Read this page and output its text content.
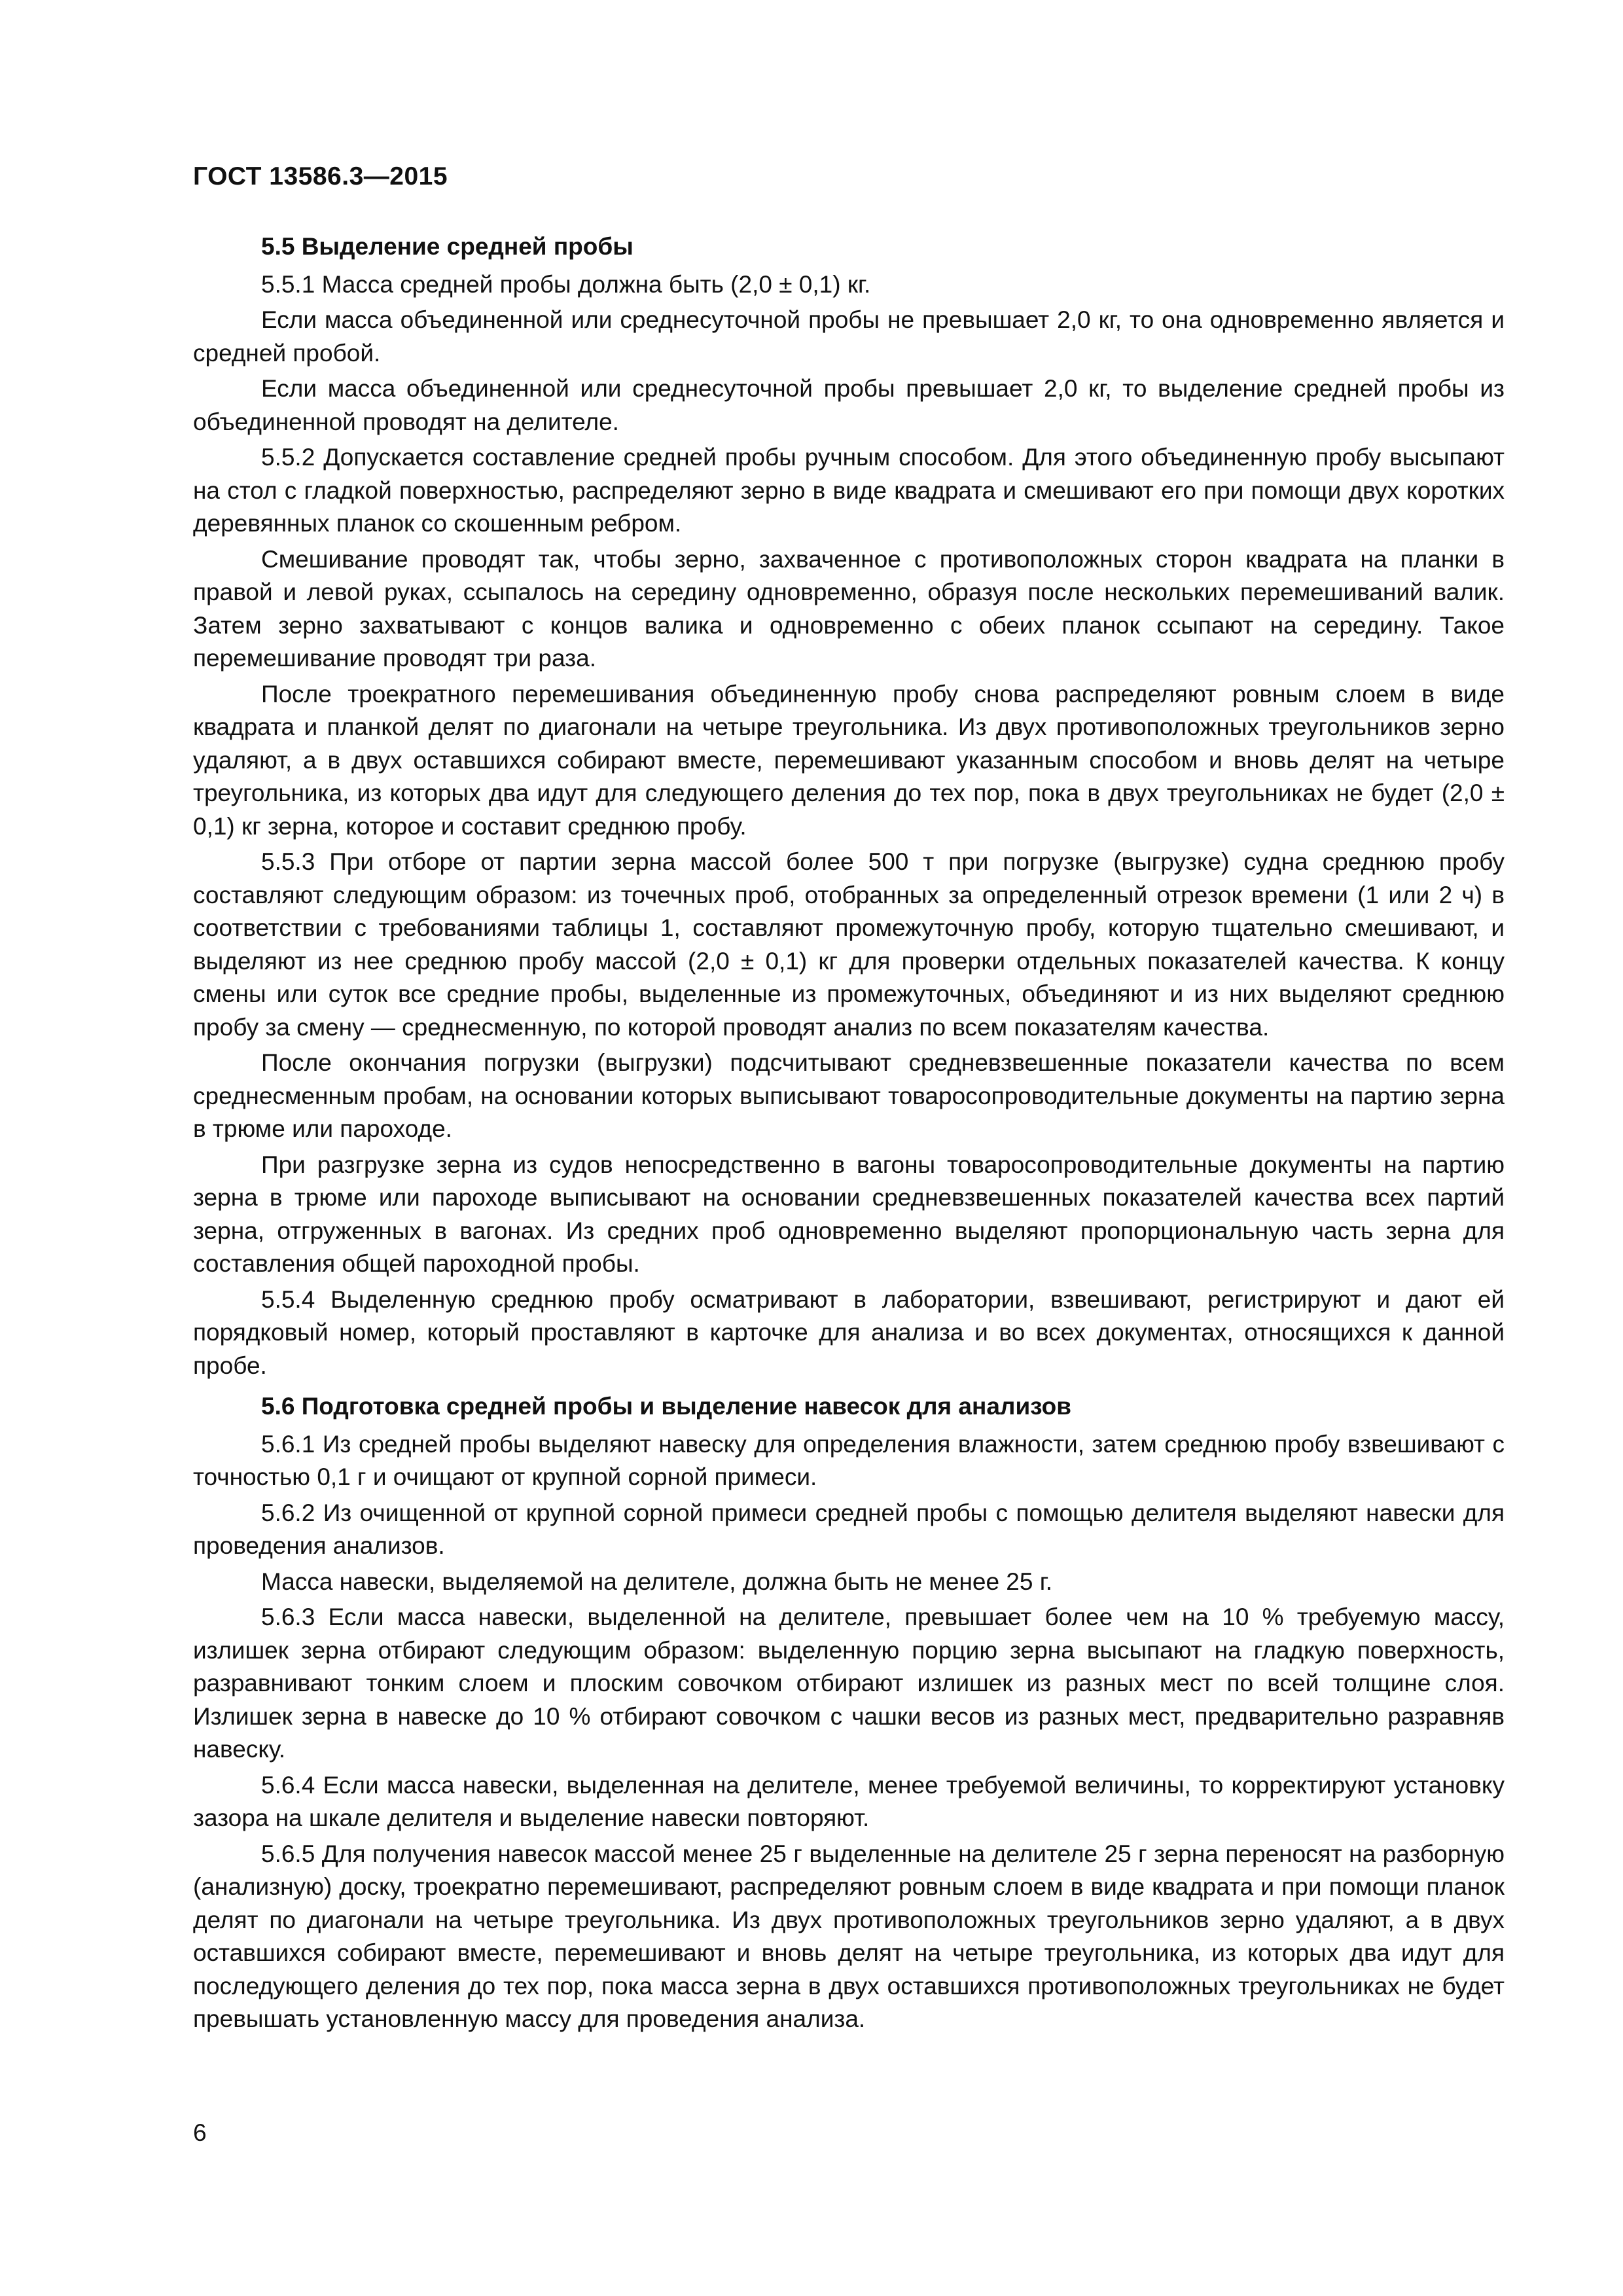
ГОСТ 13586.3—2015
5.5 Выделение средней пробы

5.5.1 Масса средней пробы должна быть (2,0 ± 0,1) кг.

Если масса объединенной или среднесуточной пробы не превышает 2,0 кг, то она одновременно является и средней пробой.

Если масса объединенной или среднесуточной пробы превышает 2,0 кг, то выделение средней пробы из объединенной проводят на делителе.

5.5.2 Допускается составление средней пробы ручным способом. Для этого объединенную пробу высыпают на стол с гладкой поверхностью, распределяют зерно в виде квадрата и смешивают его при помощи двух коротких деревянных планок со скошенным ребром.

Смешивание проводят так, чтобы зерно, захваченное с противоположных сторон квадрата на планки в правой и левой руках, ссыпалось на середину одновременно, образуя после нескольких перемешиваний валик. Затем зерно захватывают с концов валика и одновременно с обеих планок ссыпают на середину. Такое перемешивание проводят три раза.

После троекратного перемешивания объединенную пробу снова распределяют ровным слоем в виде квадрата и планкой делят по диагонали на четыре треугольника. Из двух противоположных треугольников зерно удаляют, а в двух оставшихся собирают вместе, перемешивают указанным способом и вновь делят на четыре треугольника, из которых два идут для следующего деления до тех пор, пока в двух треугольниках не будет (2,0 ± 0,1) кг зерна, которое и составит среднюю пробу.

5.5.3 При отборе от партии зерна массой более 500 т при погрузке (выгрузке) судна среднюю пробу составляют следующим образом: из точечных проб, отобранных за определенный отрезок времени (1 или 2 ч) в соответствии с требованиями таблицы 1, составляют промежуточную пробу, которую тщательно смешивают, и выделяют из нее среднюю пробу массой (2,0 ± 0,1) кг для проверки отдельных показателей качества. К концу смены или суток все средние пробы, выделенные из промежуточных, объединяют и из них выделяют среднюю пробу за смену — среднесменную, по которой проводят анализ по всем показателям качества.

После окончания погрузки (выгрузки) подсчитывают средневзвешенные показатели качества по всем среднесменным пробам, на основании которых выписывают товаросопроводительные документы на партию зерна в трюме или пароходе.

При разгрузке зерна из судов непосредственно в вагоны товаросопроводительные документы на партию зерна в трюме или пароходе выписывают на основании средневзвешенных показателей качества всех партий зерна, отгруженных в вагонах. Из средних проб одновременно выделяют пропорциональную часть зерна для составления общей пароходной пробы.

5.5.4 Выделенную среднюю пробу осматривают в лаборатории, взвешивают, регистрируют и дают ей порядковый номер, который проставляют в карточке для анализа и во всех документах, относящихся к данной пробе.

5.6 Подготовка средней пробы и выделение навесок для анализов

5.6.1 Из средней пробы выделяют навеску для определения влажности, затем среднюю пробу взвешивают с точностью 0,1 г и очищают от крупной сорной примеси.

5.6.2 Из очищенной от крупной сорной примеси средней пробы с помощью делителя выделяют навески для проведения анализов.

Масса навески, выделяемой на делителе, должна быть не менее 25 г.

5.6.3 Если масса навески, выделенной на делителе, превышает более чем на 10 % требуемую массу, излишек зерна отбирают следующим образом: выделенную порцию зерна высыпают на гладкую поверхность, разравнивают тонким слоем и плоским совочком отбирают излишек из разных мест по всей толщине слоя. Излишек зерна в навеске до 10 % отбирают совочком с чашки весов из разных мест, предварительно разравняв навеску.

5.6.4 Если масса навески, выделенная на делителе, менее требуемой величины, то корректируют установку зазора на шкале делителя и выделение навески повторяют.

5.6.5 Для получения навесок массой менее 25 г выделенные на делителе 25 г зерна переносят на разборную (анализную) доску, троекратно перемешивают, распределяют ровным слоем в виде квадрата и при помощи планок делят по диагонали на четыре треугольника. Из двух противоположных треугольников зерно удаляют, а в двух оставшихся собирают вместе, перемешивают и вновь делят на четыре треугольника, из которых два идут для последующего деления до тех пор, пока масса зерна в двух оставшихся противоположных треугольниках не будет превышать установленную массу для проведения анализа.

6
